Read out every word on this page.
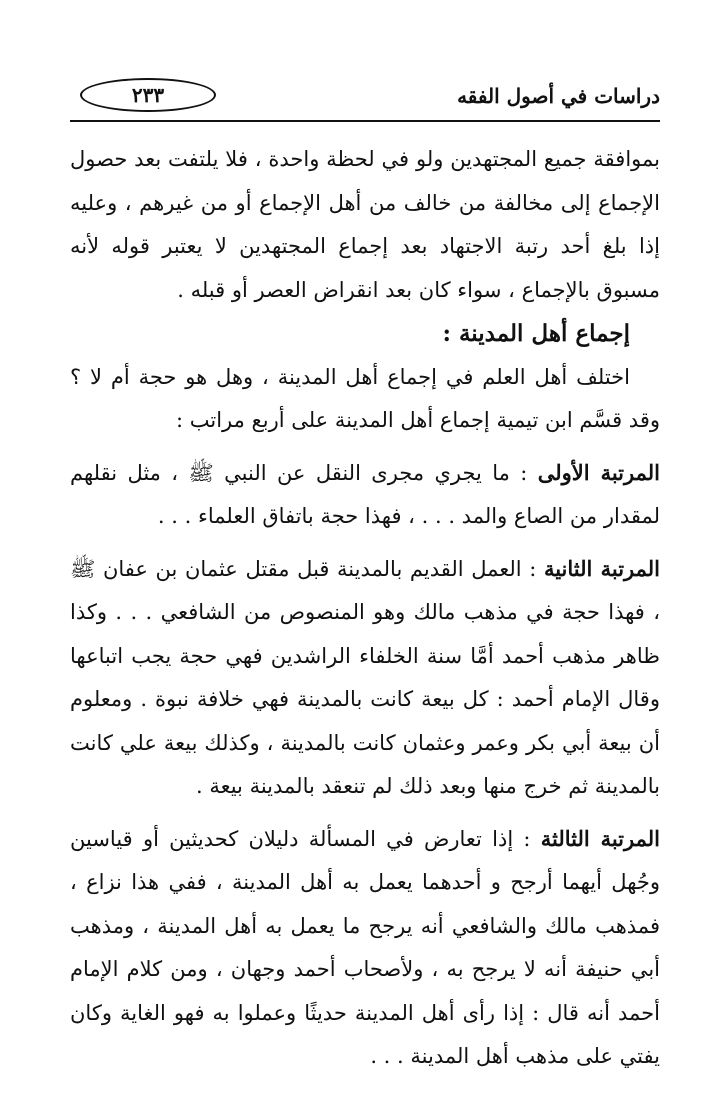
دراسات في أصول الفقه
٢٣٣

بموافقة جميع المجتهدين ولو في لحظة واحدة ، فلا يلتفت بعد حصول الإجماع إلى مخالفة من خالف من أهل الإجماع أو من غيرهم ، وعليه إذا بلغ أحد رتبة الاجتهاد بعد إجماع المجتهدين لا يعتبر قوله لأنه مسبوق بالإجماع ، سواء كان بعد انقراض العصر أو قبله .

إجماع أهل المدينة :

اختلف أهل العلم في إجماع أهل المدينة ، وهل هو حجة أم لا ؟ وقد قسَّم ابن تيمية إجماع أهل المدينة على أربع مراتب :

المرتبة الأولى : ما يجري مجرى النقل عن النبي ﷺ ، مثل نقلهم لمقدار من الصاع والمد . . . ، فهذا حجة باتفاق العلماء . . .

المرتبة الثانية : العمل القديم بالمدينة قبل مقتل عثمان بن عفان ﷺ ، فهذا حجة في مذهب مالك وهو المنصوص من الشافعي . . . وكذا ظاهر مذهب أحمد أمَّا سنة الخلفاء الراشدين فهي حجة يجب اتباعها وقال الإمام أحمد : كل بيعة كانت بالمدينة فهي خلافة نبوة . ومعلوم أن بيعة أبي بكر وعمر وعثمان كانت بالمدينة ، وكذلك بيعة علي كانت بالمدينة ثم خرج منها وبعد ذلك لم تنعقد بالمدينة بيعة .

المرتبة الثالثة : إذا تعارض في المسألة دليلان كحديثين أو قياسين وجُهل أيهما أرجح و أحدهما يعمل به أهل المدينة ، ففي هذا نزاع ، فمذهب مالك والشافعي أنه يرجح ما يعمل به أهل المدينة ، ومذهب أبي حنيفة أنه لا يرجح به ، ولأصحاب أحمد وجهان ، ومن كلام الإمام أحمد أنه قال : إذا رأى أهل المدينة حديثًا وعملوا به فهو الغاية وكان يفتي على مذهب أهل المدينة . . .
